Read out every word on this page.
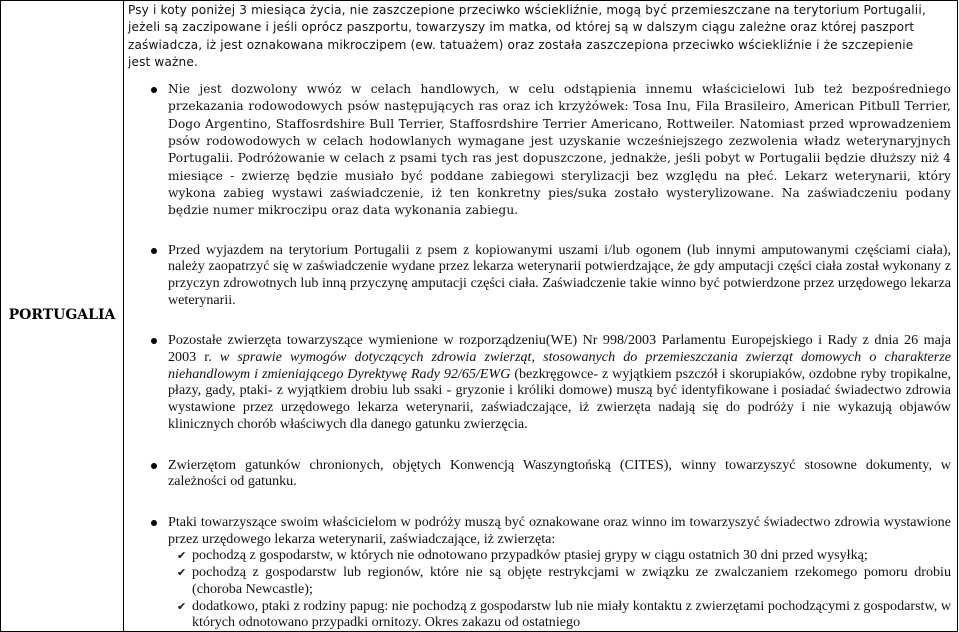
PORTUGALIA

Psy i koty poniżej 3 miesiąca życia, nie zaszczepione przeciwko wściekliźnie, mogą być przemieszczane na terytorium Portugalii,
jeżeli są zaczipowane i jeśli oprócz paszportu, towarzyszy im matka, od której są w dalszym ciągu zależne oraz której paszport
zaświadcza, iż jest oznakowana mikroczipem (ew. tatuażem) oraz została zaszczepiona przeciwko wściekliźnie i że szczepienie
jest ważne.
Nie jest dozwolony wwóz w celach handlowych, w celu odstąpienia innemu właścicielowi lub też bezpośredniego przekazania rodowodowych psów następujących ras oraz ich krzyżówek: Tosa Inu, Fila Brasileiro, American Pitbull Terrier, Dogo Argentino, Staffosrdshire Bull Terrier, Staffosrdshire Terrier Americano, Rottweiler. Natomiast przed wprowadzeniem psów rodowodowych w celach hodowlanych wymagane jest uzyskanie wcześniejszego zezwolenia władz weterynaryjnych Portugalii. Podróżowanie w celach z psami tych ras jest dopuszczone, jednakże, jeśli pobyt w Portugalii będzie dłuższy niż 4 miesiące - zwierzę będzie musiało być poddane zabiegowi sterylizacji bez względu na płeć. Lekarz weterynarii, który wykona zabieg wystawi zaświadczenie, iż ten konkretny pies/suka zostało wysterylizowane. Na zaświadczeniu podany będzie numer mikroczipu oraz data wykonania zabiegu.
Przed wyjazdem na terytorium Portugalii z psem z kopiowanymi uszami i/lub ogonem (lub innymi amputowanymi częściami ciała), należy zaopatrzyć się w zaświadczenie wydane przez lekarza weterynarii potwierdzające, że gdy amputacji części ciała został wykonany z przyczyn zdrowotnych lub inną przyczynę amputacji części ciała. Zaświadczenie takie winno być potwierdzone przez urzędowego lekarza weterynarii.
Pozostałe zwierzęta towarzyszące wymienione w rozporządzeniu(WE) Nr 998/2003 Parlamentu Europejskiego i Rady z dnia 26 maja 2003 r. w sprawie wymogów dotyczących zdrowia zwierząt, stosowanych do przemieszczania zwierząt domowych o charakterze niehandlowym i zmieniającego Dyrektywę Rady 92/65/EWG (bezkręgowce- z wyjątkiem pszczół i skorupiaków, ozdobne ryby tropikalne, płazy, gady, ptaki- z wyjątkiem drobiu lub ssaki - gryzonie i króliki domowe) muszą być identyfikowane i posiadać świadectwo zdrowia wystawione przez urzędowego lekarza weterynarii, zaświadczające, iż zwierzęta nadają się do podróży i nie wykazują objawów klinicznych chorób właściwych dla danego gatunku zwierzęcia.
Zwierzętom gatunków chronionych, objętych Konwencją Waszyngtońską (CITES), winny towarzyszyć stosowne dokumenty, w zależności od gatunku.
Ptaki towarzyszące swoim właścicielom w podróży muszą być oznakowane oraz winno im towarzyszyć świadectwo zdrowia wystawione przez urzędowego lekarza weterynarii, zaświadczające, iż zwierzęta:
✔ pochodzą z gospodarstw, w których nie odnotowano przypadków ptasiej grypy w ciągu ostatnich 30 dni przed wysyłką;
✔ pochodzą z gospodarstw lub regionów, które nie są objęte restrykcjami w związku ze zwalczaniem rzekomego pomoru drobiu (choroba Newcastle);
✔ dodatkowo, ptaki z rodziny papug: nie pochodzą z gospodarstw lub nie miały kontaktu z zwierzętami pochodzącymi z gospodarstw, w których odnotowano przypadki ornitozy. Okres zakazu od ostatniego
